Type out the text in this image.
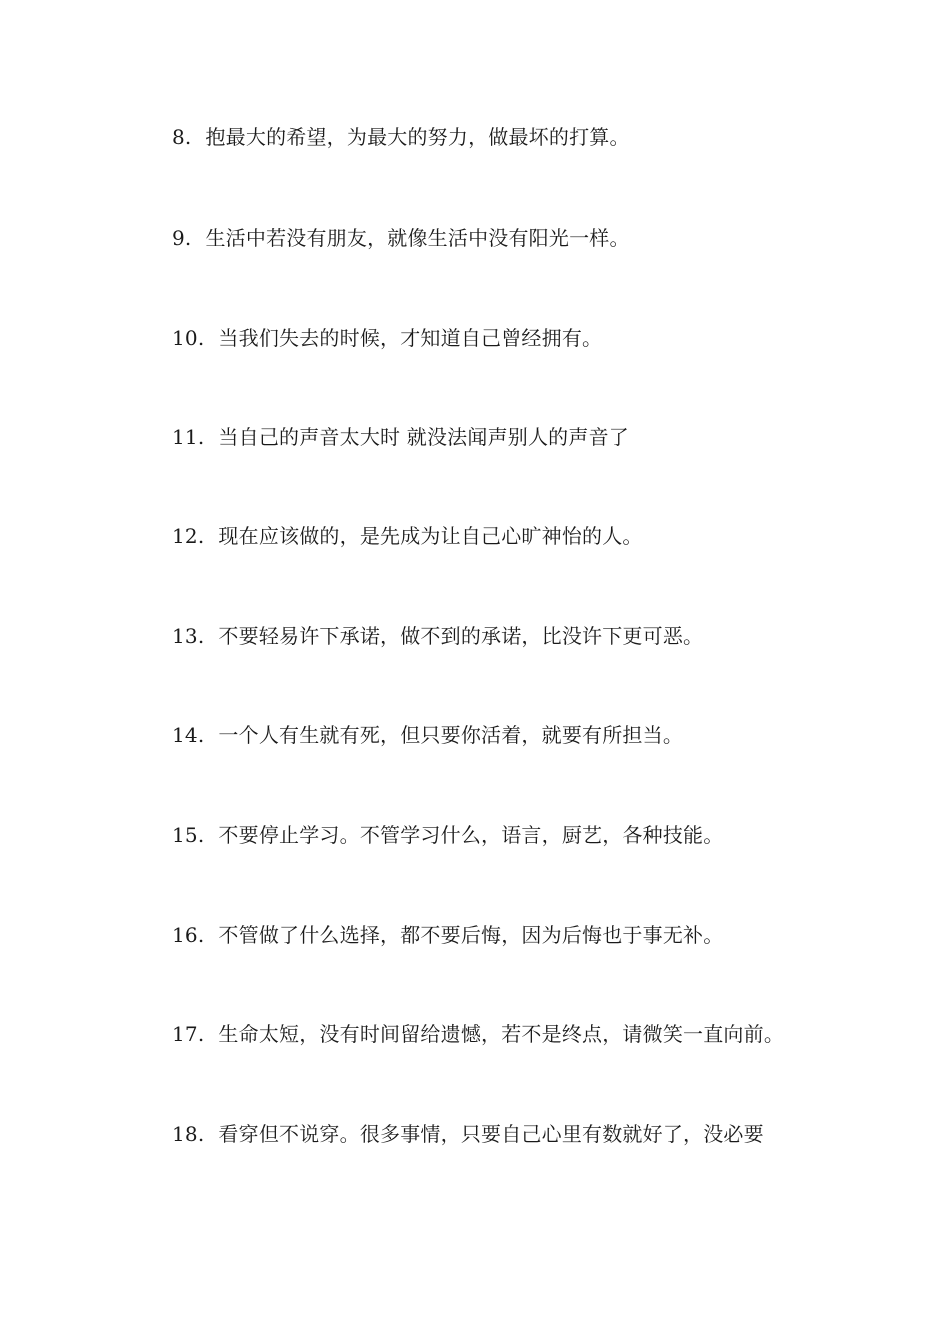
8. 抱最大的希望，为最大的努力，做最坏的打算。
9. 生活中若没有朋友，就像生活中没有阳光一样。
10. 当我们失去的时候，才知道自己曾经拥有。
11. 当自己的声音太大时 就没法闻声别人的声音了
12. 现在应该做的，是先成为让自己心旷神怡的人。
13. 不要轻易许下承诺，做不到的承诺，比没许下更可恶。
14. 一个人有生就有死，但只要你活着，就要有所担当。
15. 不要停止学习。不管学习什么，语言，厨艺，各种技能。
16. 不管做了什么选择，都不要后悔，因为后悔也于事无补。
17. 生命太短，没有时间留给遗憾，若不是终点，请微笑一直向前。
18. 看穿但不说穿。很多事情，只要自己心里有数就好了，没必要
